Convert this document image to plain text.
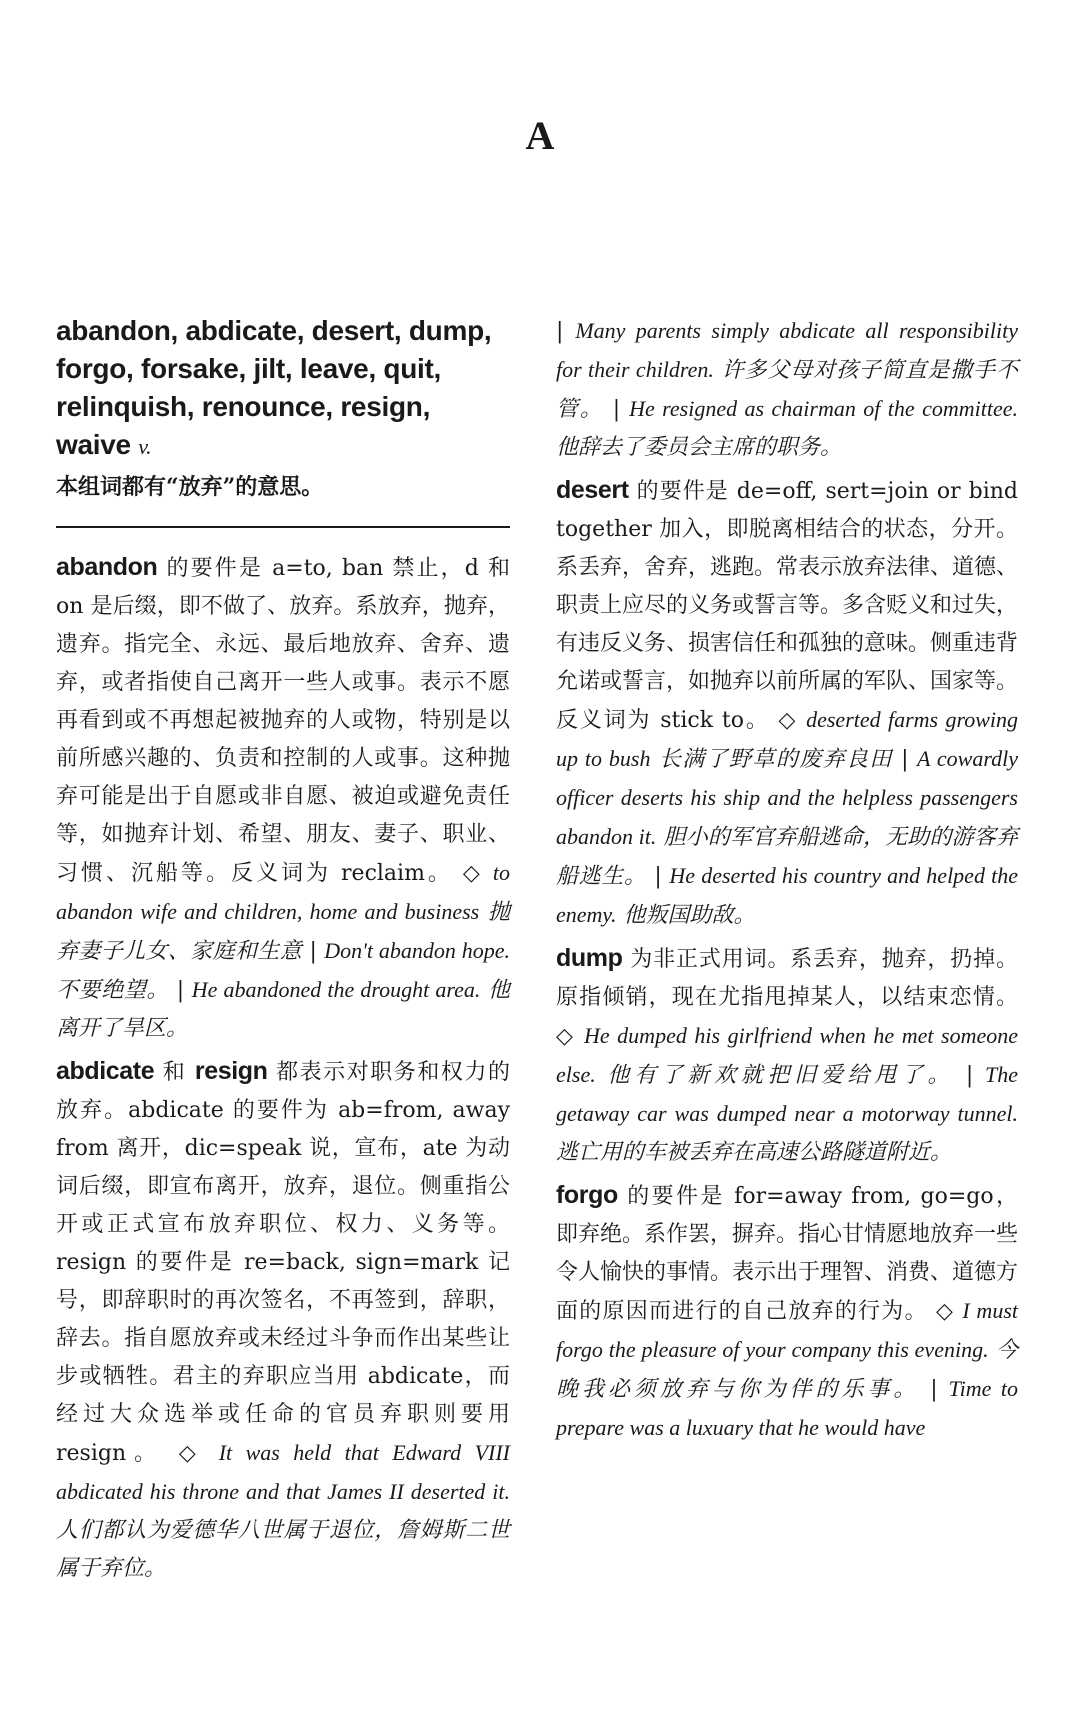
A
abandon, abdicate, desert, dump, forgo, forsake, jilt, leave, quit, relinquish, renounce, resign, waive v.
本组词都有“放弃”的意思。

abandon 的要件是 a=to, ban 禁止，d 和 on 是后缀，即不做了、放弃。系放弃，抛弃，遗弃。指完全、永远、最后地放弃、舍弃、遗弃，或者指使自己离开一些人或事。表示不愿再看到或不再想起被抛弃的人或物，特别是以前所感兴趣的、负责和控制的人或事。这种抛弃可能是出于自愿或非自愿、被迫或避免责任等，如抛弃计划、希望、朋友、妻子、职业、习惯、沉船等。反义词为 reclaim。 ◇ to abandon wife and children, home and business 抛弃妻子儿女、家庭和生意 | Don't abandon hope. 不要绝望。 | He abandoned the drought area. 他离开了旱区。

abdicate 和 resign 都表示对职务和权力的放弃。abdicate 的要件为 ab=from, away from 离开，dic=speak 说，宣布，ate 为动词后缀，即宣布离开，放弃，退位。侧重指公开或正式宣布放弃职位、权力、义务等。resign 的要件是 re=back, sign=mark 记号，即辞职时的再次签名，不再签到，辞职，辞去。指自愿放弃或未经过斗争而作出某些让步或牺牲。君主的弃职应当用 abdicate，而经过大众选举或任命的官员弃职则要用 resign。 ◇ It was held that Edward VIII abdicated his throne and that James II deserted it. 人们都认为爱德华八世属于退位，詹姆斯二世属于弃位。

| Many parents simply abdicate all responsibility for their children. 许多父母对孩子简直是撒手不管。 | He resigned as chairman of the committee. 他辞去了委员会主席的职务。

desert 的要件是 de=off, sert=join or bind together 加入，即脱离相结合的状态，分开。系丢弃，舍弃，逃跑。常表示放弃法律、道德、职责上应尽的义务或誓言等。多含贬义和过失，有违反义务、损害信任和孤独的意味。侧重违背允诺或誓言，如抛弃以前所属的军队、国家等。反义词为 stick to。 ◇ deserted farms growing up to bush 长满了野草的废弃良田 | A cowardly officer deserts his ship and the helpless passengers abandon it. 胆小的军官弃船逃命，无助的游客弃船逃生。 | He deserted his country and helped the enemy. 他叛国助敌。

dump 为非正式用词。系丢弃，抛弃，扔掉。原指倾销，现在尤指甩掉某人，以结束恋情。 ◇ He dumped his girlfriend when he met someone else. 他有了新欢就把旧爱给甩了。 | The getaway car was dumped near a motorway tunnel. 逃亡用的车被丢弃在高速公路隧道附近。

forgo 的要件是 for=away from, go=go，即弃绝。系作罢，摒弃。指心甘情愿地放弃一些令人愉快的事情。表示出于理智、消费、道德方面的原因而进行的自己放弃的行为。 ◇ I must forgo the pleasure of your company this evening. 今晚我必须放弃与你为伴的乐事。 | Time to prepare was a luxuary that he would have
